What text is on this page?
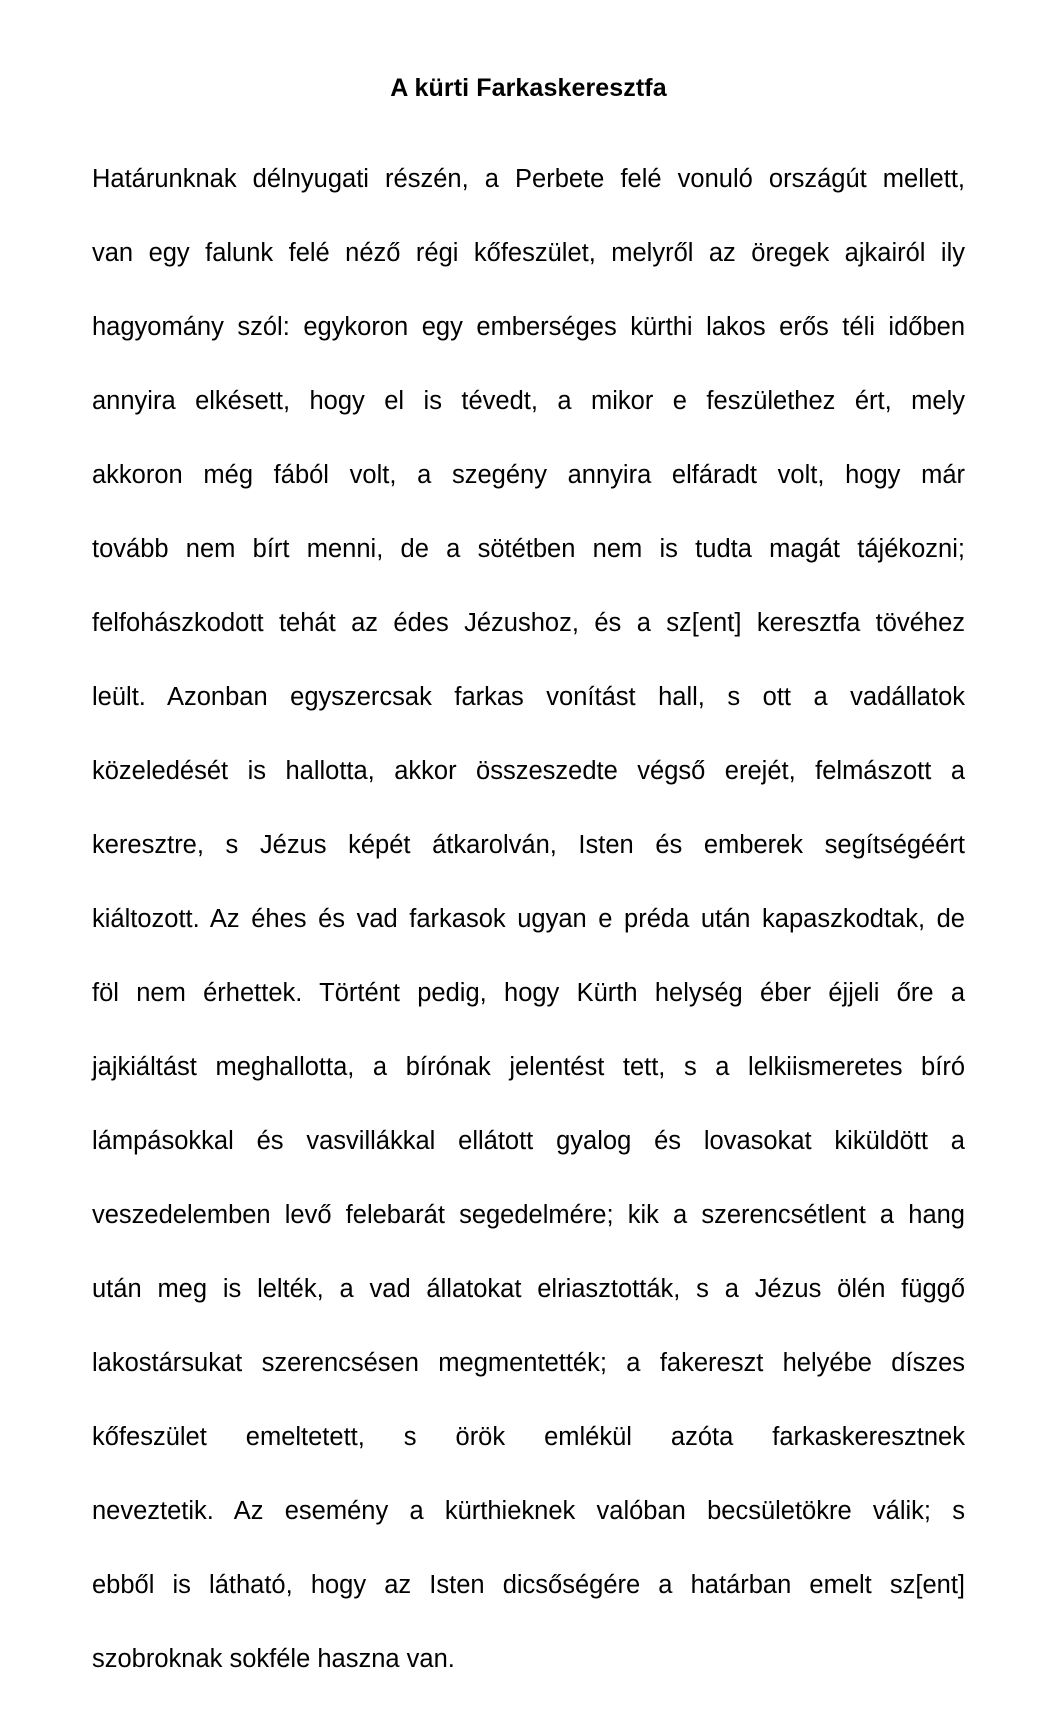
A kürti Farkaskeresztfa
Határunknak délnyugati részén, a Perbete felé vonuló országút mellett,
van egy falunk felé néző régi kőfeszület, melyről az öregek ajkairól ily
hagyomány szól: egykoron egy emberséges kürthi lakos erős téli időben
annyira elkésett, hogy el is tévedt, a mikor e feszülethez ért, mely
akkoron még fából volt, a szegény annyira elfáradt volt, hogy már
tovább nem bírt menni, de a sötétben nem is tudta magát tájékozni;
felfohászkodott tehát az édes Jézushoz, és a sz[ent] keresztfa tövéhez
leült. Azonban egyszercsak farkas vonítást hall, s ott a vadállatok
közeledését is hallotta, akkor összeszedte végső erejét, felmászott a
keresztre, s Jézus képét átkarolván, Isten és emberek segítségéért
kiáltozott. Az éhes és vad farkasok ugyan e préda után kapaszkodtak, de
föl nem érhettek. Történt pedig, hogy Kürth helység éber éjjeli őre a
jajkiáltást meghallotta, a bírónak jelentést tett, s a lelkiismeretes bíró
lámpásokkal és vasvillákkal ellátott gyalog és lovasokat kiküldött a
veszedelemben levő felebarát segedelmére; kik a szerencsétlent a hang
után meg is lelték, a vad állatokat elriasztották, s a Jézus ölén függő
lakostársukat szerencsésen megmentették; a fakereszt helyébe díszes
kőfeszület emeltetett, s örök emlékül azóta farkaskeresztnek
neveztetik. Az esemény a kürthieknek valóban becsületökre válik; s
ebből is látható, hogy az Isten dicsőségére a határban emelt sz[ent]
szobroknak sokféle haszna van.
